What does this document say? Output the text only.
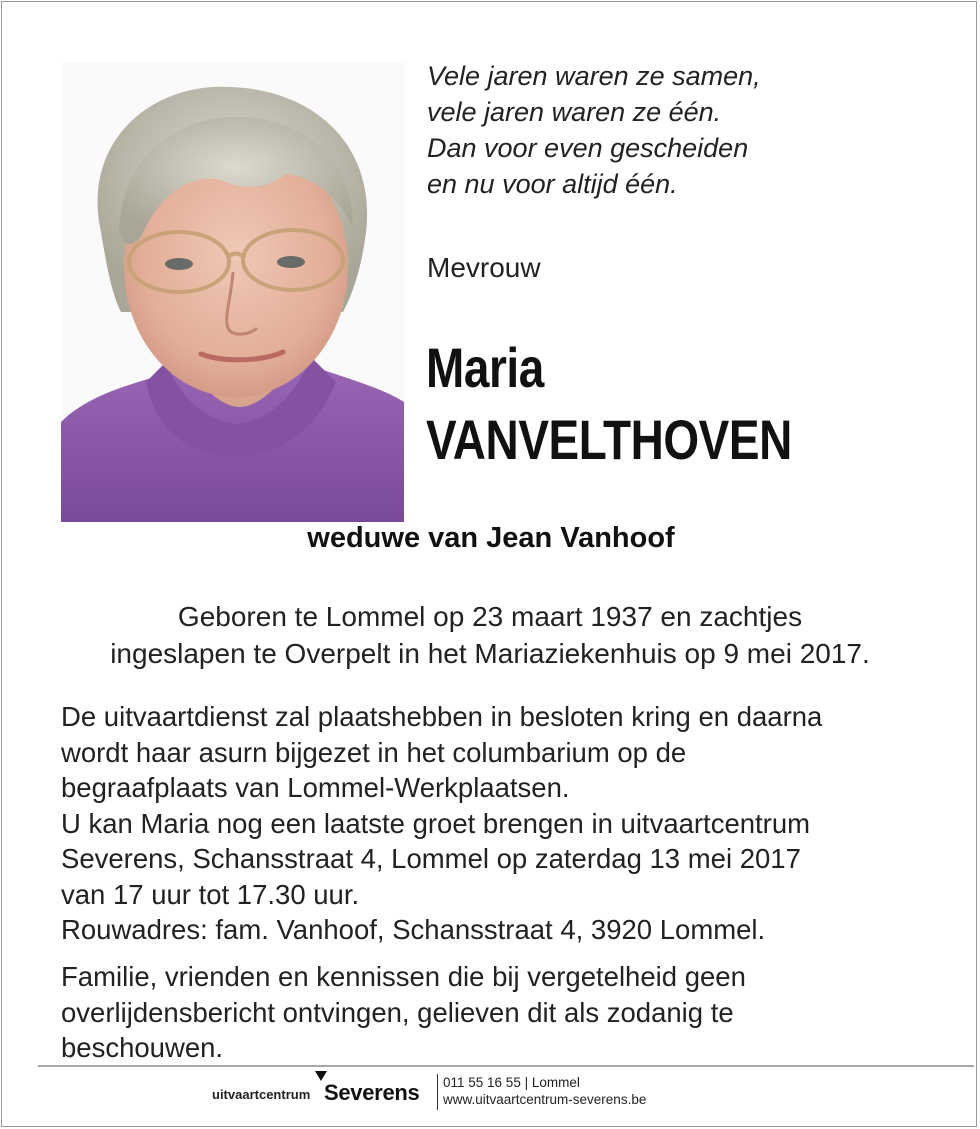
Vele jaren waren ze samen,
vele jaren waren ze één.
Dan voor even gescheiden
en nu voor altijd één.
Mevrouw
Maria
VANVELTHOVEN
weduwe van Jean Vanhoof
Geboren te Lommel op 23 maart 1937 en zachtjes
ingeslapen te Overpelt in het Mariaziekenhuis op 9 mei 2017.
De uitvaartdienst zal plaatshebben in besloten kring en daarna
wordt haar asurn bijgezet in het columbarium op de
begraafplaats van Lommel-Werkplaatsen.
U kan Maria nog een laatste groet brengen in uitvaartcentrum
Severens, Schansstraat 4, Lommel op zaterdag 13 mei 2017
van 17 uur tot 17.30 uur.
Rouwadres: fam. Vanhoof, Schansstraat 4, 3920 Lommel.
Familie, vrienden en kennissen die bij vergetelheid geen
overlijdensbericht ontvingen, gelieven dit als zodanig te
beschouwen.
uitvaartcentrum Severens 011 55 16 55 | Lommel
www.uitvaartcentrum-severens.be
